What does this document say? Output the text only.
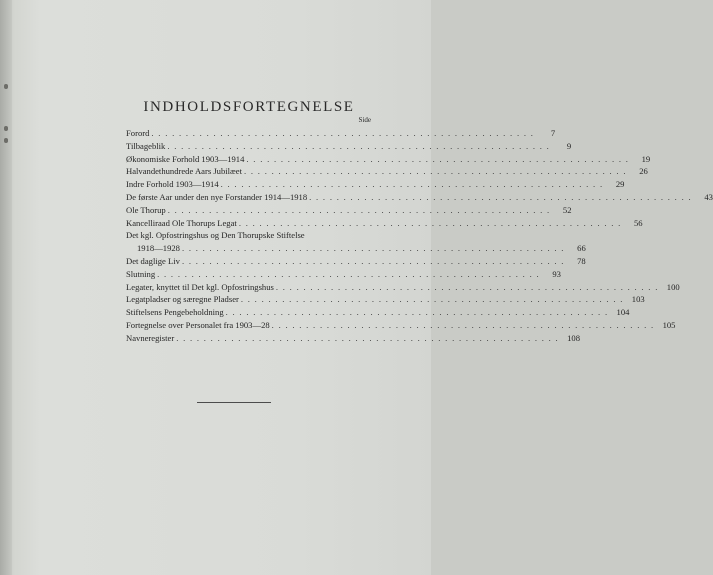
INDHOLDSFORTEGNELSE
Side
Forord . . . . . . . . . . . . . . . . . . . . . . . . . . . . . . . . . . . . . . . . . . . . . . . . . . . . . . . .	7
Tilbageblik . . . . . . . . . . . . . . . . . . . . . . . . . . . . . . . . . . . . . . . . . . . . . . . . . . . . . . . .	9
Økonomiske Forhold 1903—1914 . . . . . . . . . . . . . . . . . . . . . . . . . . . . . . . . . . . . . . . . . . . . . . . . . . . . . . . .	19
Halvandethundrede Aars Jubilæet . . . . . . . . . . . . . . . . . . . . . . . . . . . . . . . . . . . . . . . . . . . . . . . . . . . . . . . .	26
Indre Forhold 1903—1914 . . . . . . . . . . . . . . . . . . . . . . . . . . . . . . . . . . . . . . . . . . . . . . . . . . . . . . . .	29
De første Aar under den nye Forstander 1914—1918 . . . . . . . . . . . . . . . . . . . . . . . . . . . . . . . . . . . . . . . . . . . . . . . . . . . . . . . .	43
Ole Thorup . . . . . . . . . . . . . . . . . . . . . . . . . . . . . . . . . . . . . . . . . . . . . . . . . . . . . . . .	52
Kancelliraad Ole Thorups Legat . . . . . . . . . . . . . . . . . . . . . . . . . . . . . . . . . . . . . . . . . . . . . . . . . . . . . . . .	56
Det kgl. Opfostringshus og Den Thorupske Stiftelse
1918—1928 . . . . . . . . . . . . . . . . . . . . . . . . . . . . . . . . . . . . . . . . . . . . . . . . . . . . . . . .	66
Det daglige Liv . . . . . . . . . . . . . . . . . . . . . . . . . . . . . . . . . . . . . . . . . . . . . . . . . . . . . . . .	78
Slutning . . . . . . . . . . . . . . . . . . . . . . . . . . . . . . . . . . . . . . . . . . . . . . . . . . . . . . . .	93
Legater, knyttet til Det kgl. Opfostringshus . . . . . . . . . . . . . . . . . . . . . . . . . . . . . . . . . . . . . . . . . . . . . . . . . . . . . . . . 100
Legatpladser og særegne Pladser . . . . . . . . . . . . . . . . . . . . . . . . . . . . . . . . . . . . . . . . . . . . . . . . . . . . . . . . 103
Stiftelsens Pengebeholdning . . . . . . . . . . . . . . . . . . . . . . . . . . . . . . . . . . . . . . . . . . . . . . . . . . . . . . . . 104
Fortegnelse over Personalet fra 1903—28 . . . . . . . . . . . . . . . . . . . . . . . . . . . . . . . . . . . . . . . . . . . . . . . . . . . . . . . . 105
Navneregister . . . . . . . . . . . . . . . . . . . . . . . . . . . . . . . . . . . . . . . . . . . . . . . . . . . . . . . . 108
